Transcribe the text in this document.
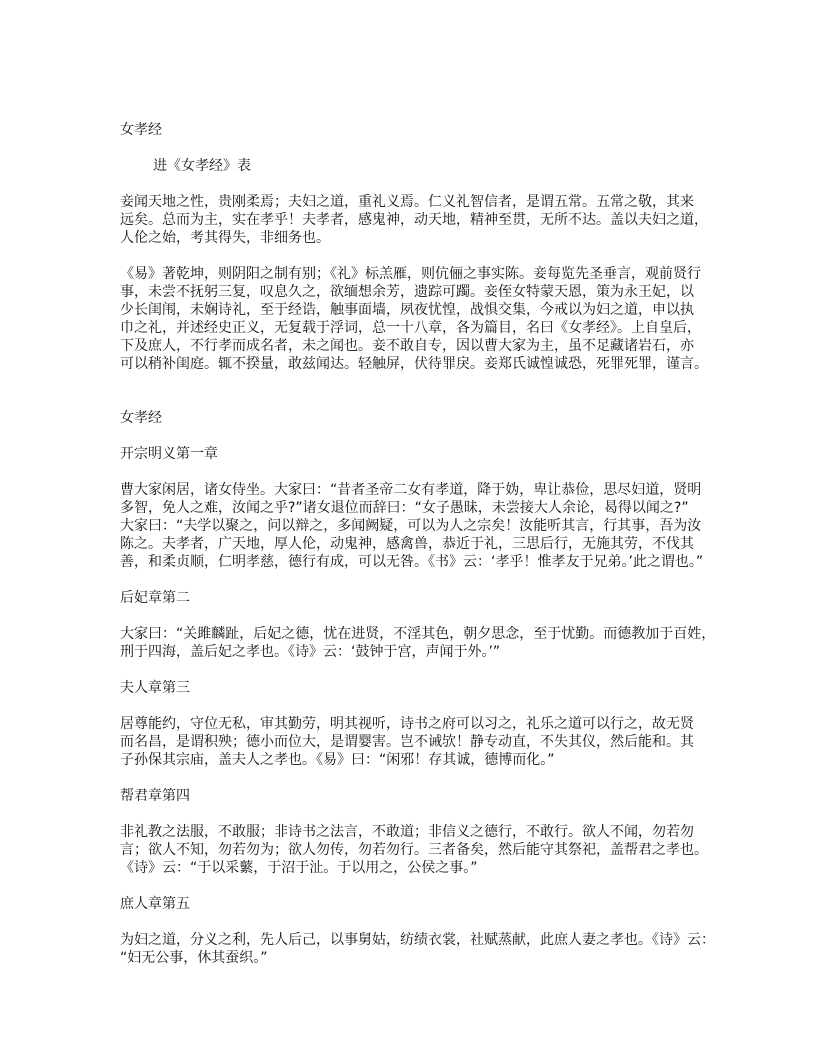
女孝经
进《女孝经》表
妾闻天地之性，贵刚柔焉；夫妇之道，重礼义焉。仁义礼智信者，是谓五常。五常之敬，其来
远矣。总而为主，实在孝乎！夫孝者，感鬼神，动天地，精神至贯，无所不达。盖以夫妇之道，
人伦之始，考其得失，非细务也。
《易》著乾坤，则阴阳之制有别；《礼》标羔雁，则伉俪之事实陈。妾每览先圣垂言，观前贤行
事，未尝不抚躬三复，叹息久之，欲缅想余芳，遗踪可躅。妾侄女特蒙天恩，策为永王妃，以
少长闺闱，未娴诗礼，至于经诰，触事面墙，夙夜忧惶，战惧交集，今戒以为妇之道，申以执
巾之礼，并述经史正义，无复载于浮词，总一十八章，各为篇目，名曰《女孝经》。上自皇后，
下及庶人，不行孝而成名者，未之闻也。妾不敢自专，因以曹大家为主，虽不足藏诸岩石，亦
可以稍补闺庭。辄不揆量，敢兹闻达。轻触屏，伏待罪戾。妾郑氏诚惶诚恐，死罪死罪，谨言。
女孝经
开宗明义第一章
曹大家闲居，诸女侍坐。大家曰：“昔者圣帝二女有孝道，降于妫，卑让恭俭，思尽妇道，贤明
多智，免人之难，汝闻之乎?”诸女退位而辞曰：“女子愚昧，未尝接大人余论，曷得以闻之?”
大家曰：“夫学以聚之，问以辩之，多闻阙疑，可以为人之宗矣！汝能听其言，行其事，吾为汝
陈之。夫孝者，广天地，厚人伦，动鬼神，感禽兽，恭近于礼，三思后行，无施其劳，不伐其
善，和柔贞顺，仁明孝慈，德行有成，可以无咎。《书》云：‘孝乎！惟孝友于兄弟。’此之谓也。”
后妃章第二
大家曰：“关雎麟趾，后妃之德，忧在进贤，不淫其色，朝夕思念，至于忧勤。而德教加于百姓，
刑于四海，盖后妃之孝也。《诗》云：‘鼓钟于宫，声闻于外。’”
夫人章第三
居尊能约，守位无私，审其勤劳，明其视听，诗书之府可以习之，礼乐之道可以行之，故无贤
而名昌，是谓积殃；德小而位大，是谓婴害。岂不诫欤！静专动直，不失其仪，然后能和。其
子孙保其宗庙，盖夫人之孝也。《易》曰：“闲邪！存其诚，德博而化。”
帮君章第四
非礼教之法服，不敢服；非诗书之法言，不敢道；非信义之德行，不敢行。欲人不闻，勿若勿
言；欲人不知，勿若勿为；欲人勿传，勿若勿行。三者备矣，然后能守其祭祀，盖帮君之孝也。
《诗》云：“于以采蘩，于沼于沚。于以用之，公侯之事。”
庶人章第五
为妇之道，分义之利，先人后己，以事舅姑，纺绩衣裳，社赋蒸献，此庶人妻之孝也。《诗》云：
“妇无公事，休其蚕织。”
